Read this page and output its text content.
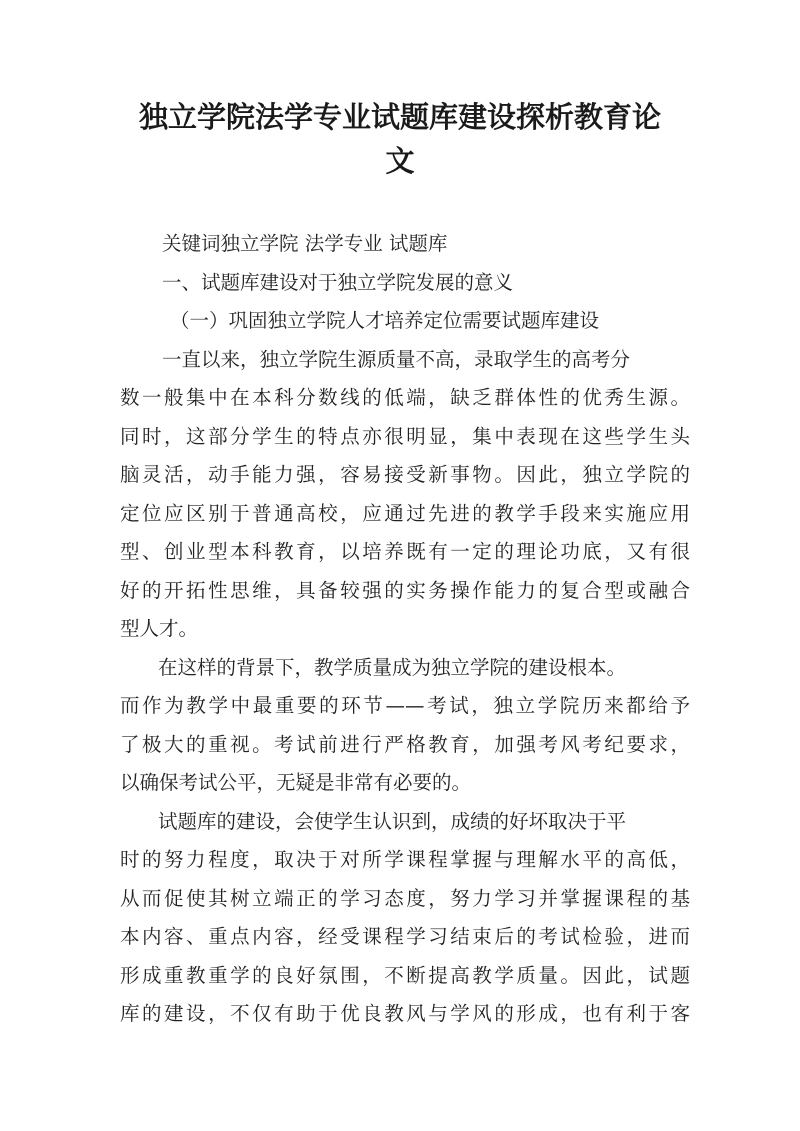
独立学院法学专业试题库建设探析教育论
文
关键词独立学院 法学专业 试题库
一、试题库建设对于独立学院发展的意义
（一）巩固独立学院人才培养定位需要试题库建设
一直以来，独立学院生源质量不高，录取学生的高考分
数一般集中在本科分数线的低端，缺乏群体性的优秀生源。
同时，这部分学生的特点亦很明显，集中表现在这些学生头
脑灵活，动手能力强，容易接受新事物。因此，独立学院的
定位应区别于普通高校，应通过先进的教学手段来实施应用
型、创业型本科教育，以培养既有一定的理论功底，又有很
好的开拓性思维，具备较强的实务操作能力的复合型或融合
型人才。
在这样的背景下，教学质量成为独立学院的建设根本。
而作为教学中最重要的环节——考试，独立学院历来都给予
了极大的重视。考试前进行严格教育，加强考风考纪要求，
以确保考试公平，无疑是非常有必要的。
试题库的建设，会使学生认识到，成绩的好坏取决于平
时的努力程度，取决于对所学课程掌握与理解水平的高低，
从而促使其树立端正的学习态度，努力学习并掌握课程的基
本内容、重点内容，经受课程学习结束后的考试检验，进而
形成重教重学的良好氛围，不断提高教学质量。因此，试题
库的建设，不仅有助于优良教风与学风的形成，也有利于客
